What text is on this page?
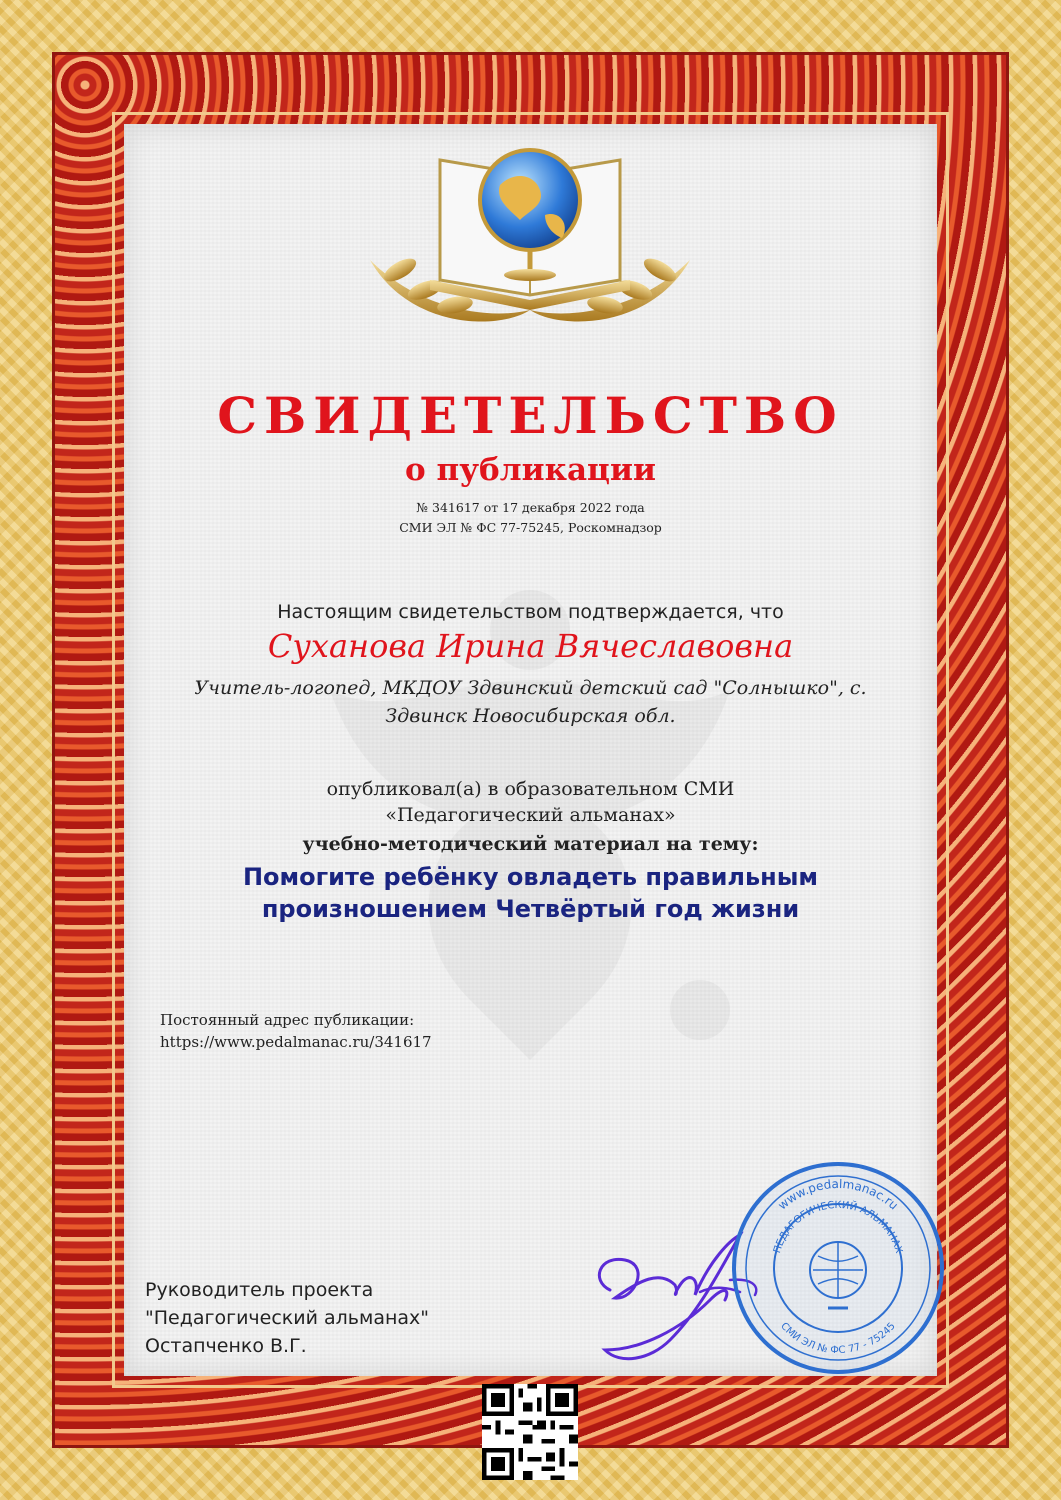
СВИДЕТЕЛЬСТВО
о публикации
№ 341617 от 17 декабря 2022 года
СМИ ЭЛ № ФС 77-75245, Роскомнадзор
Настоящим свидетельством подтверждается, что
Суханова Ирина Вячеславовна
Учитель-логопед, МКДОУ Здвинский детский сад "Солнышко", с.
Здвинск Новосибирская обл.
опубликовал(а) в образовательном СМИ
«Педагогический альманах»
учебно-методический материал на тему:
Помогите ребёнку овладеть правильным
произношением Четвёртый год жизни
Постоянный адрес публикации:
https://www.pedalmanac.ru/341617
Руководитель проекта
"Педагогический альманах"
Остапченко В.Г.
www.pedalmanac.ru
ПЕДАГОГИЧЕСКИЙ АЛЬМАНАХ
СМИ ЭЛ № ФС 77 - 75245
